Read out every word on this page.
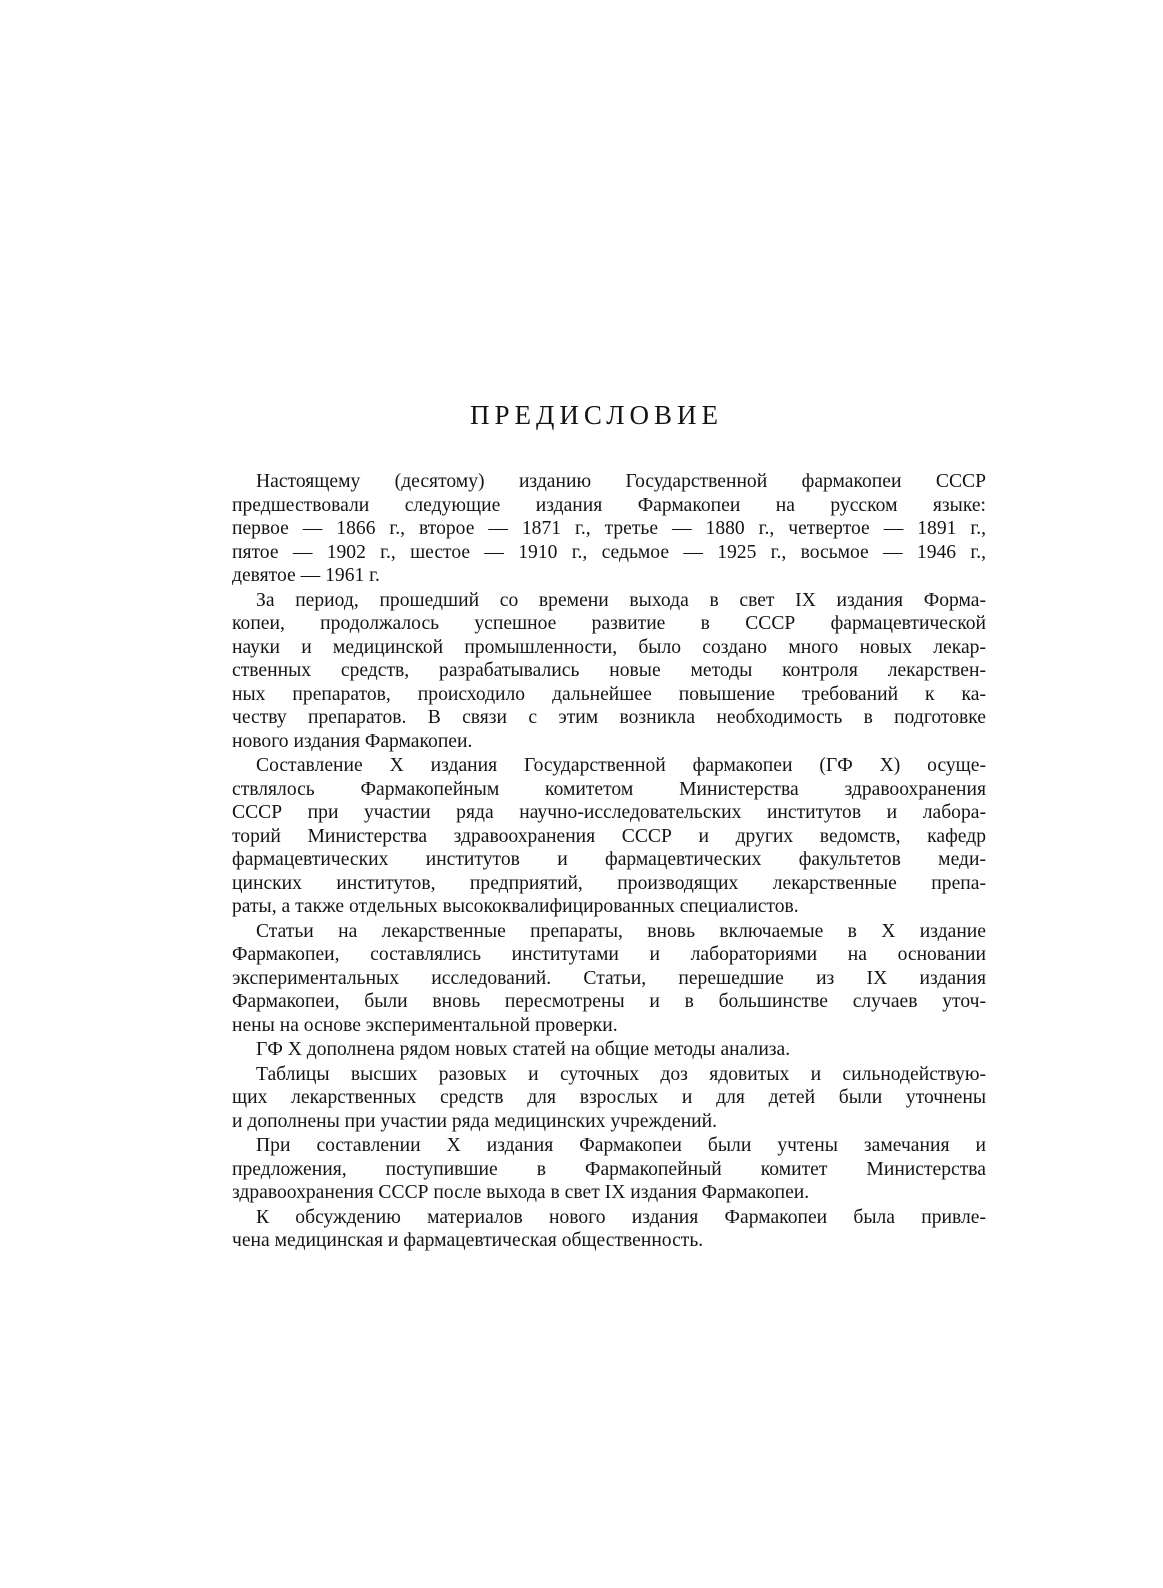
ПРЕДИСЛОВИЕ

Настоящему (десятому) изданию Государственной фармакопеи СССР
предшествовали следующие издания Фармакопеи на русском языке:
первое — 1866 г., второе — 1871 г., третье — 1880 г., четвертое — 1891 г.,
пятое — 1902 г., шестое — 1910 г., седьмое — 1925 г., восьмое — 1946 г.,
девятое — 1961 г.

За период, прошедший со времени выхода в свет IX издания Форма-
копеи, продолжалось успешное развитие в СССР фармацевтической
науки и медицинской промышленности, было создано много новых лекар-
ственных средств, разрабатывались новые методы контроля лекарствен-
ных препаратов, происходило дальнейшее повышение требований к ка-
честву препаратов. В связи с этим возникла необходимость в подготовке
нового издания Фармакопеи.

Составление X издания Государственной фармакопеи (ГФ X) осуще-
ствлялось Фармакопейным комитетом Министерства здравоохранения
СССР при участии ряда научно-исследовательских институтов и лабора-
торий Министерства здравоохранения СССР и других ведомств, кафедр
фармацевтических институтов и фармацевтических факультетов меди-
цинских институтов, предприятий, производящих лекарственные препа-
раты, а также отдельных высококвалифицированных специалистов.

Статьи на лекарственные препараты, вновь включаемые в X издание
Фармакопеи, составлялись институтами и лабораториями на основании
экспериментальных исследований. Статьи, перешедшие из IX издания
Фармакопеи, были вновь пересмотрены и в большинстве случаев уточ-
нены на основе экспериментальной проверки.

ГФ X дополнена рядом новых статей на общие методы анализа.

Таблицы высших разовых и суточных доз ядовитых и сильнодействую-
щих лекарственных средств для взрослых и для детей были уточнены
и дополнены при участии ряда медицинских учреждений.

При составлении X издания Фармакопеи были учтены замечания и
предложения, поступившие в Фармакопейный комитет Министерства
здравоохранения СССР после выхода в свет IX издания Фармакопеи.

К обсуждению материалов нового издания Фармакопеи была привле-
чена медицинская и фармацевтическая общественность.
